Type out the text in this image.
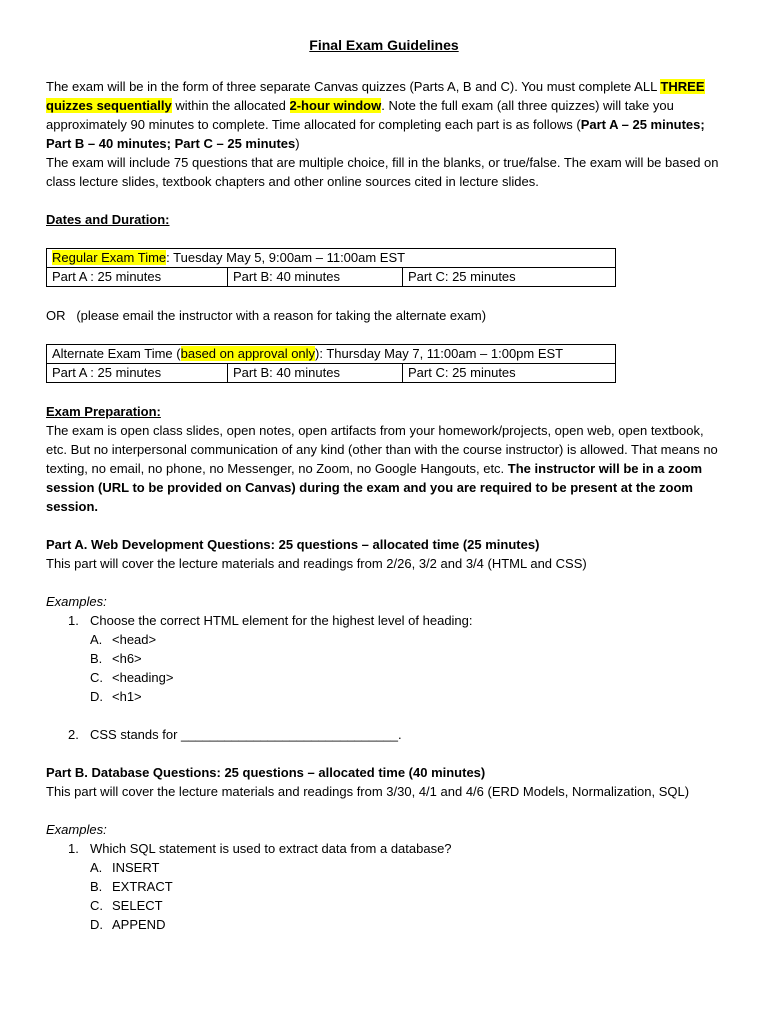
Final Exam Guidelines

The exam will be in the form of three separate Canvas quizzes (Parts A, B and C). You must complete ALL THREE quizzes sequentially within the allocated 2-hour window. Note the full exam (all three quizzes) will take you approximately 90 minutes to complete. Time allocated for completing each part is as follows (Part A – 25 minutes; Part B – 40 minutes; Part C – 25 minutes)

The exam will include 75 questions that are multiple choice, fill in the blanks, or true/false. The exam will be based on class lecture slides, textbook chapters and other online sources cited in lecture slides.

Dates and Duration:

Regular Exam Time: Tuesday May 5, 9:00am – 11:00am EST
Part A : 25 minutes	Part B: 40 minutes	Part C: 25 minutes

OR   (please email the instructor with a reason for taking the alternate exam)

Alternate Exam Time (based on approval only): Thursday May 7, 11:00am – 1:00pm EST
Part A : 25 minutes	Part B: 40 minutes	Part C: 25 minutes

Exam Preparation:

The exam is open class slides, open notes, open artifacts from your homework/projects, open web, open textbook, etc. But no interpersonal communication of any kind (other than with the course instructor) is allowed. That means no texting, no email, no phone, no Messenger, no Zoom, no Google Hangouts, etc. The instructor will be in a zoom session (URL to be provided on Canvas) during the exam and you are required to be present at the zoom session.

Part A. Web Development Questions: 25 questions – allocated time (25 minutes)

This part will cover the lecture materials and readings from 2/26, 3/2 and 3/4 (HTML and CSS)

Examples:

1. Choose the correct HTML element for the highest level of heading:
A. <head>
B. <h6>
C. <heading>
D. <h1>
2. CSS stands for ______________________________.

Part B. Database Questions: 25 questions – allocated time (40 minutes)

This part will cover the lecture materials and readings from 3/30, 4/1 and 4/6 (ERD Models, Normalization, SQL)

Examples:

1. Which SQL statement is used to extract data from a database?
A. INSERT
B. EXTRACT
C. SELECT
D. APPEND
